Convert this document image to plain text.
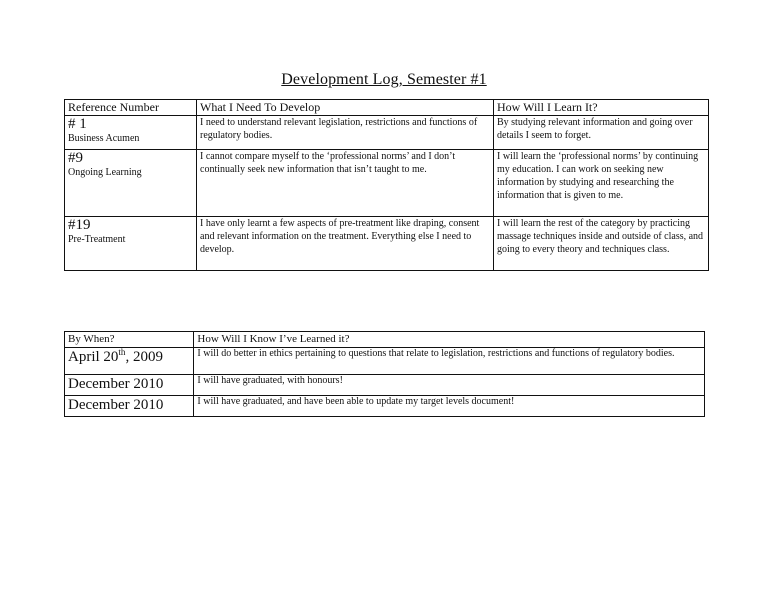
Development Log, Semester #1
Reference Number	What I Need To Develop	How Will I Learn It?

# 1
Business Acumen	I need to understand relevant legislation, restrictions and functions of regulatory bodies.	By studying relevant information and going over details I seem to forget.

#9
Ongoing Learning	I cannot compare myself to the ‘professional norms’ and I don’t continually seek new information that isn’t taught to me.	I will learn the ‘professional norms’ by continuing my education. I can work on seeking new information by studying and researching the information that is given to me.

#19
Pre-Treatment	I have only learnt a few aspects of pre-treatment like draping, consent and relevant information on the treatment. Everything else I need to develop.	I will learn the rest of the category by practicing massage techniques inside and outside of class, and going to every theory and techniques class.
By When?	How Will I Know I’ve Learned it?
April 20th, 2009	I will do better in ethics pertaining to questions that relate to legislation, restrictions and functions of regulatory bodies.
December 2010	I will have graduated, with honours!
December 2010	I will have graduated, and have been able to update my target levels document!
